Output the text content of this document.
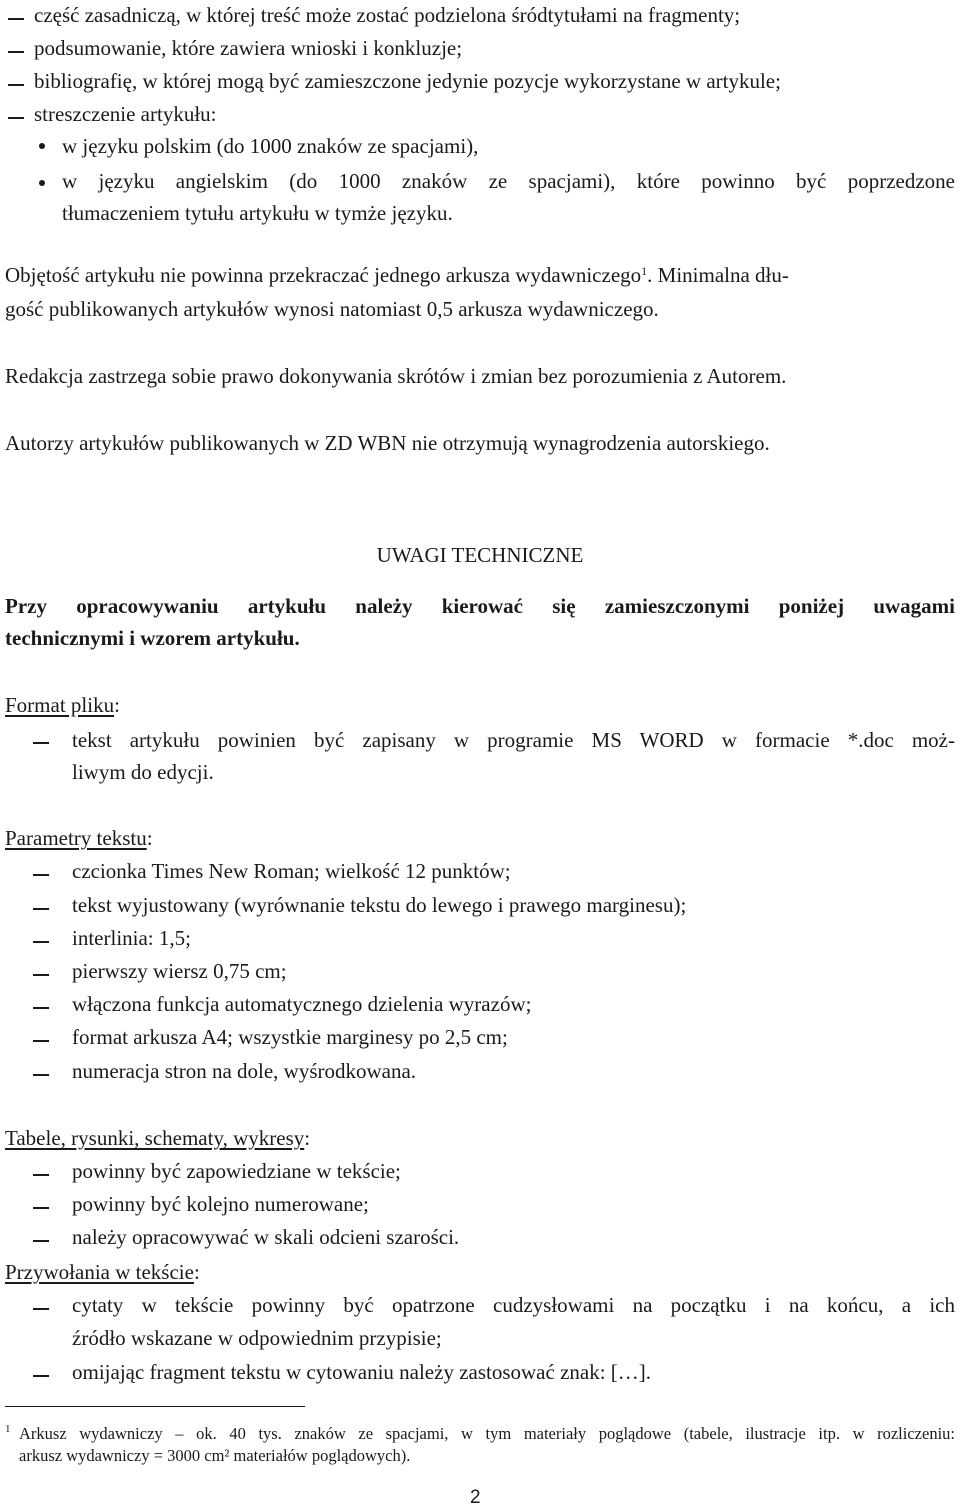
część zasadniczą, w której treść może zostać podzielona śródtytułami na fragmenty;
podsumowanie, które zawiera wnioski i konkluzje;
bibliografię, w której mogą być zamieszczone jedynie pozycje wykorzystane w artykule;
streszczenie artykułu:
w języku polskim (do 1000 znaków ze spacjami),
w języku angielskim (do 1000 znaków ze spacjami), które powinno być poprzedzone
tłumaczeniem tytułu artykułu w tymże języku.
Objętość artykułu nie powinna przekraczać jednego arkusza wydawniczego$^1$. Minimalna dłu-
gość publikowanych artykułów wynosi natomiast 0,5 arkusza wydawniczego.
Redakcja zastrzega sobie prawo dokonywania skrótów i zmian bez porozumienia z Autorem.
Autorzy artykułów publikowanych w ZD WBN nie otrzymują wynagrodzenia autorskiego.
UWAGI TECHNICZNE
Przy opracowywaniu artykułu należy kierować się zamieszczonymi poniżej uwagami
technicznymi i wzorem artykułu.
Format pliku:
tekst artykułu powinien być zapisany w programie MS WORD w formacie *.doc moż-
liwym do edycji.
Parametry tekstu:
czcionka Times New Roman; wielkość 12 punktów;
tekst wyjustowany (wyrównanie tekstu do lewego i prawego marginesu);
interlinia: 1,5;
pierwszy wiersz 0,75 cm;
włączona funkcja automatycznego dzielenia wyrazów;
format arkusza A4; wszystkie marginesy po 2,5 cm;
numeracja stron na dole, wyśrodkowana.
Tabele, rysunki, schematy, wykresy:
powinny być zapowiedziane w tekście;
powinny być kolejno numerowane;
należy opracowywać w skali odcieni szarości.
Przywołania w tekście:
cytaty w tekście powinny być opatrzone cudzysłowami na początku i na końcu, a ich
źródło wskazane w odpowiednim przypisie;
omijając fragment tekstu w cytowaniu należy zastosować znak: […].
$^1$ Arkusz wydawniczy – ok. 40 tys. znaków ze spacjami, w tym materiały poglądowe (tabele, ilustracje itp. w rozliczeniu:
arkusz wydawniczy = 3000 cm² materiałów poglądowych).
2
